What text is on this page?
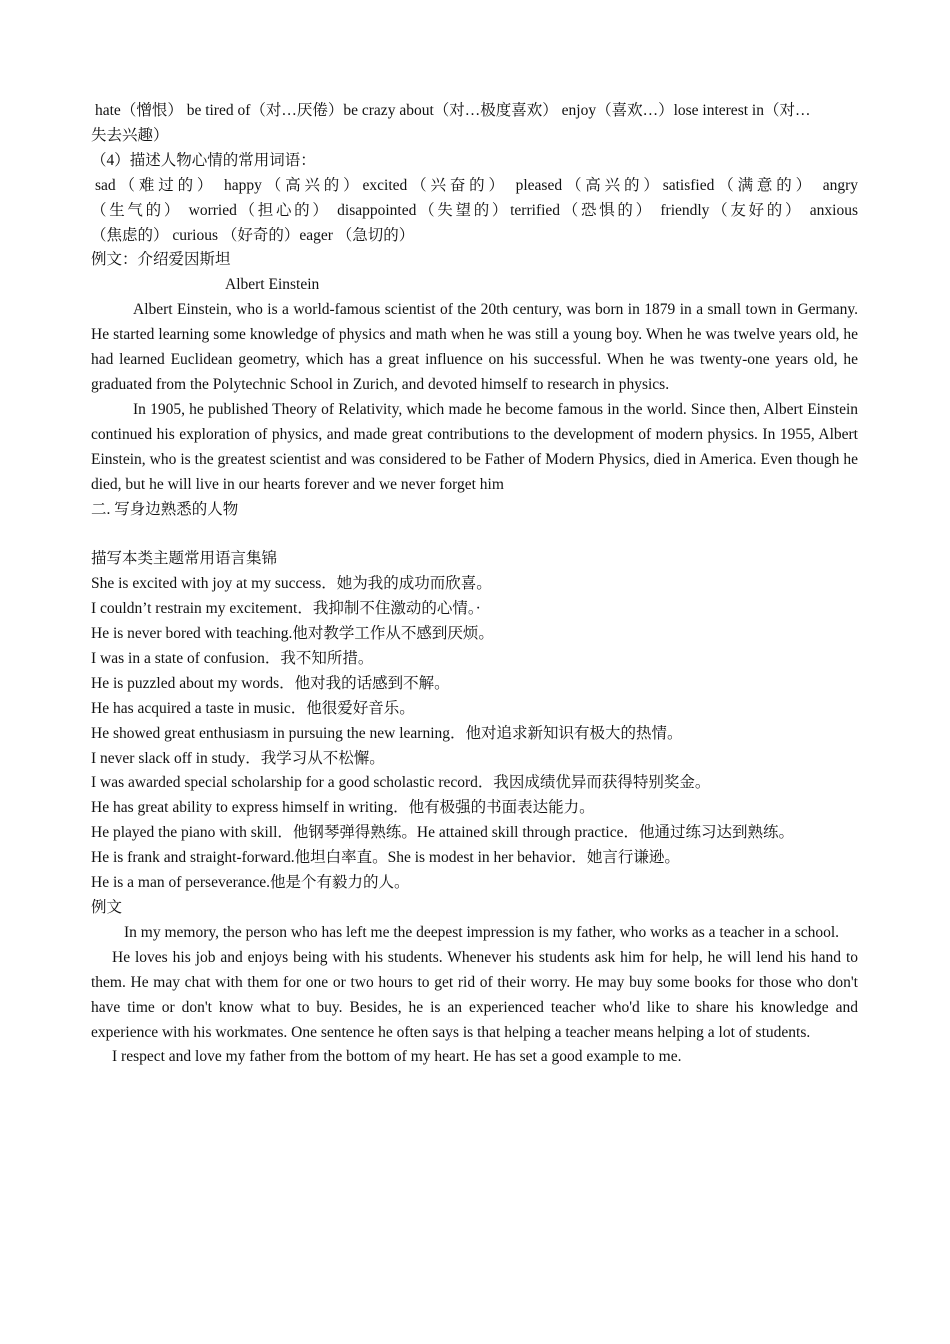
hate（憎恨） be tired of（对…厌倦）be crazy about（对…极度喜欢） enjoy（喜欢…）lose interest in（对…
失去兴趣）
（4）描述人物心情的常用词语：
sad（难过的） happy（高兴的）excited（兴奋的） pleased（高兴的）satisfied（满意的） angry
（生气的） worried（担心的） disappointed（失望的）terrified（恐惧的） friendly（友好的） anxious
（焦虑的） curious （好奇的）eager （急切的）
例文：介绍爱因斯坦
Albert Einstein

Albert Einstein, who is a world-famous scientist of the 20th century, was born in 1879 in a small town in Germany. He started learning some knowledge of physics and math when he was still a young boy. When he was twelve years old, he had learned Euclidean geometry, which has a great influence on his successful. When he was twenty-one years old, he graduated from the Polytechnic School in Zurich, and devoted himself to research in physics.

In 1905, he published Theory of Relativity, which made he become famous in the world. Since then, Albert Einstein continued his exploration of physics, and made great contributions to the development of modern physics. In 1955, Albert Einstein, who is the greatest scientist and was considered to be Father of Modern Physics, died in America. Even though he died, but he will live in our hearts forever and we never forget him

二. 写身边熟悉的人物
描写本类主题常用语言集锦
She is excited with joy at my success．她为我的成功而欣喜。
I couldn’t restrain my excitement．我抑制不住激动的心情。·
He is never bored with teaching.他对教学工作从不感到厌烦。
I was in a state of confusion．我不知所措。
He is puzzled about my words．他对我的话感到不解。
He has acquired a taste in music．他很爱好音乐。
He showed great enthusiasm in pursuing the new learning．他对追求新知识有极大的热情。
I never slack off in study．我学习从不松懈。
I was awarded special scholarship for a good scholastic record．我因成绩优异而获得特别奖金。
He has great ability to express himself in writing．他有极强的书面表达能力。
He played the piano with skill．他钢琴弹得熟练。He attained skill through practice．他通过练习达到熟练。
He is frank and straight-forward.他坦白率直。She is modest in her behavior．她言行谦逊。
He is a man of perseverance.他是个有毅力的人。
例文

In my memory, the person who has left me the deepest impression is my father, who works as a teacher in a school.

He loves his job and enjoys being with his students. Whenever his students ask him for help, he will lend his hand to them. He may chat with them for one or two hours to get rid of their worry. He may buy some books for those who don't have time or don't know what to buy. Besides, he is an experienced teacher who'd like to share his knowledge and experience with his workmates. One sentence he often says is that helping a teacher means helping a lot of students.

I respect and love my father from the bottom of my heart. He has set a good example to me.
